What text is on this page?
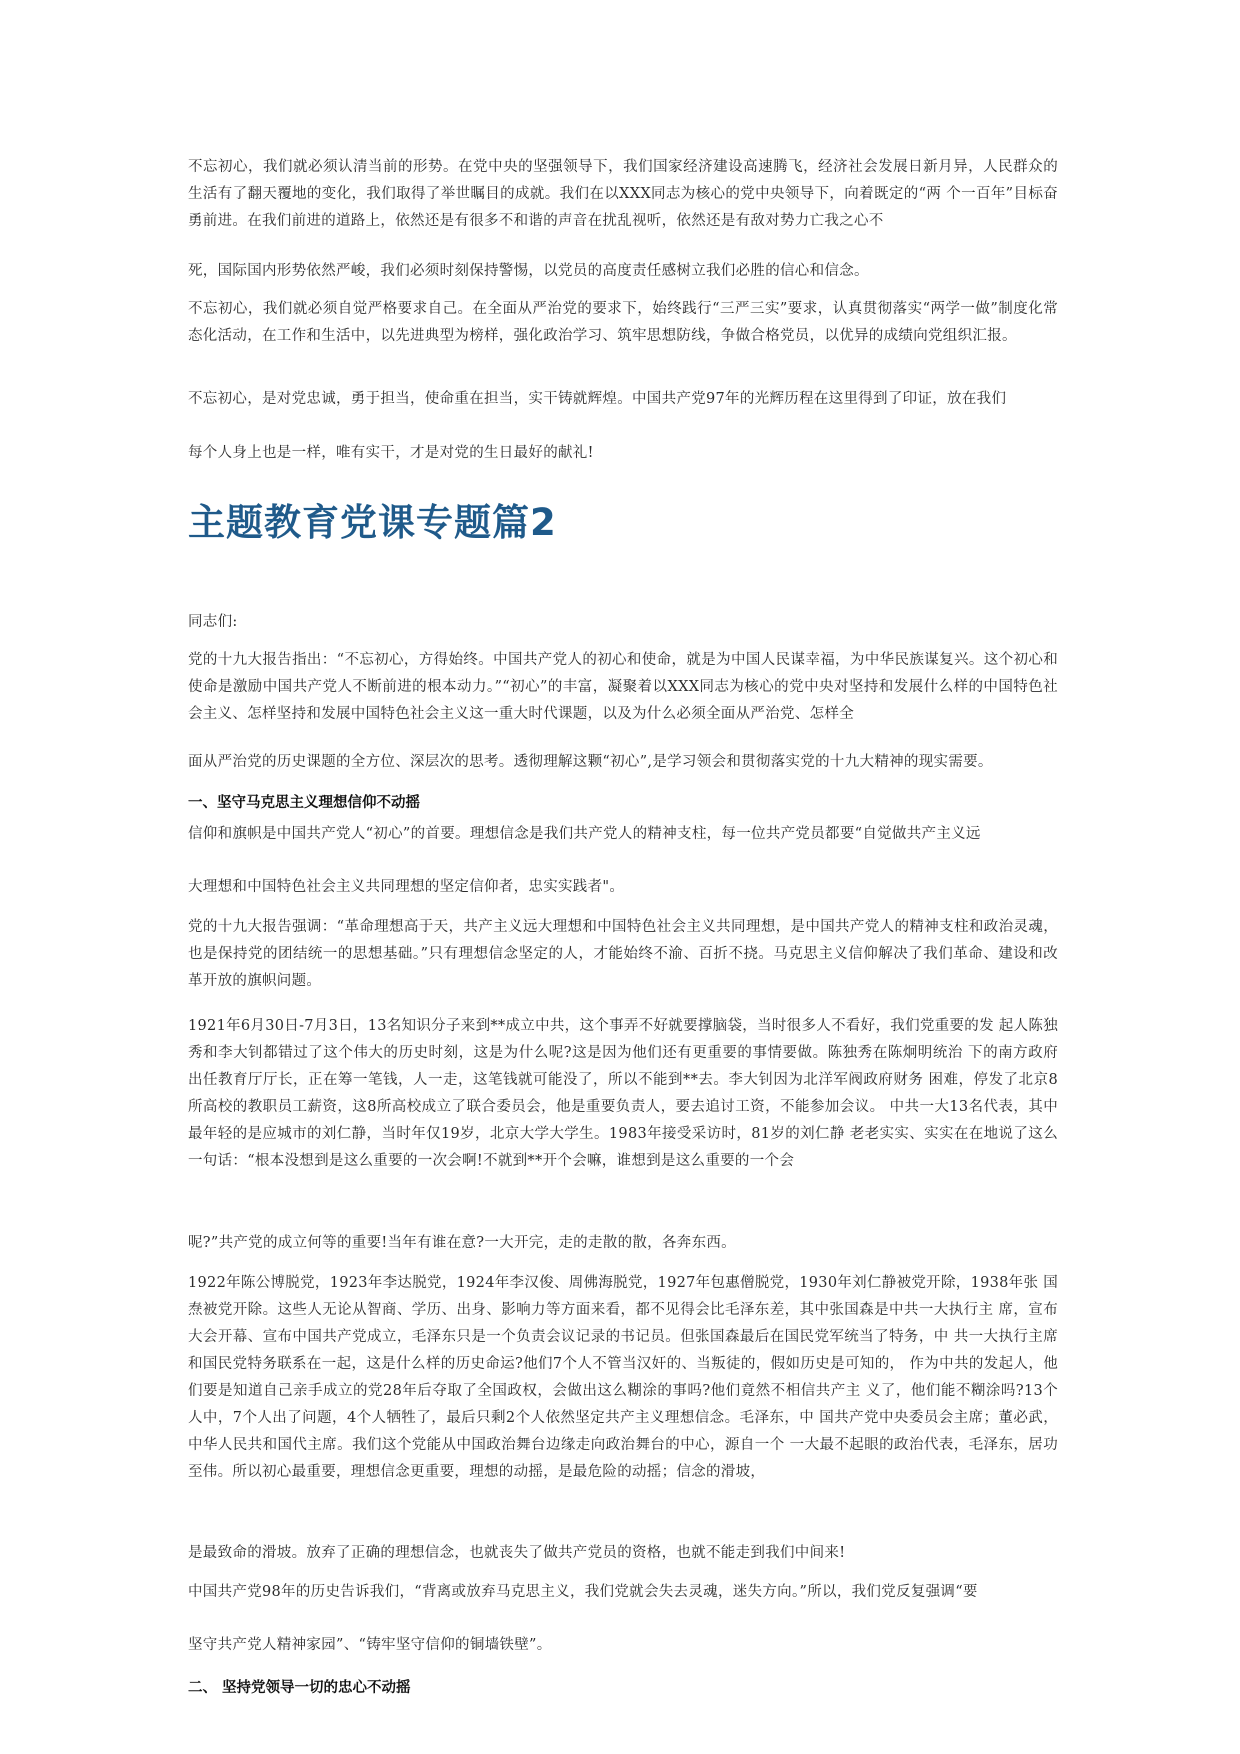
不忘初心，我们就必须认清当前的形势。在党中央的坚强领导下，我们国家经济建设高速腾飞，经济社会发展日新月异，人民群众的生活有了翻天覆地的变化，我们取得了举世瞩目的成就。我们在以XXX同志为核心的党中央领导下，向着既定的“两 个一百年”目标奋勇前进。在我们前进的道路上，依然还是有很多不和谐的声音在扰乱视听，依然还是有敌对势力亡我之心不

死，国际国内形势依然严峻，我们必须时刻保持警惕，以党员的高度责任感树立我们必胜的信心和信念。

不忘初心，我们就必须自觉严格要求自己。在全面从严治党的要求下，始终践行“三严三实”要求，认真贯彻落实“两学一做”制度化常态化活动，在工作和生活中，以先进典型为榜样，强化政治学习、筑牢思想防线，争做合格党员，以优异的成绩向党组织汇报。

不忘初心，是对党忠诚，勇于担当，使命重在担当，实干铸就辉煌。中国共产党97年的光辉历程在这里得到了印证，放在我们

每个人身上也是一样，唯有实干，才是对党的生日最好的献礼!

主题教育党课专题篇2

同志们:

党的十九大报告指出：“不忘初心，方得始终。中国共产党人的初心和使命，就是为中国人民谋幸福，为中华民族谋复兴。这个初心和使命是激励中国共产党人不断前进的根本动力。”“初心”的丰富，凝聚着以XXX同志为核心的党中央对坚持和发展什么样的中国特色社会主义、怎样坚持和发展中国特色社会主义这一重大时代课题，以及为什么必须全面从严治党、怎样全

面从严治党的历史课题的全方位、深层次的思考。透彻理解这颗“初心”,是学习领会和贯彻落实党的十九大精神的现实需要。

一、坚守马克思主义理想信仰不动摇

信仰和旗帜是中国共产党人“初心”的首要。理想信念是我们共产党人的精神支柱，每一位共产党员都要“自觉做共产主义远

大理想和中国特色社会主义共同理想的坚定信仰者，忠实实践者"。

党的十九大报告强调：“革命理想高于天，共产主义远大理想和中国特色社会主义共同理想，是中国共产党人的精神支柱和政治灵魂，也是保持党的团结统一的思想基础。”只有理想信念坚定的人，才能始终不渝、百折不挠。马克思主义信仰解决了我们革命、建设和改革开放的旗帜问题。

1921年6月30日-7月3日，13名知识分子来到**成立中共，这个事弄不好就要撑脑袋，当时很多人不看好，我们党重要的发 起人陈独秀和李大钊都错过了这个伟大的历史时刻，这是为什么呢?这是因为他们还有更重要的事情要做。陈独秀在陈炯明统治 下的南方政府出任教育厅厅长，正在筹一笔钱，人一走，这笔钱就可能没了，所以不能到**去。李大钊因为北洋军阀政府财务 困难，停发了北京8所高校的教职员工薪资，这8所高校成立了联合委员会，他是重要负责人，要去追讨工资，不能参加会议。 中共一大13名代表，其中最年轻的是应城市的刘仁静，当时年仅19岁，北京大学大学生。1983年接受采访时，81岁的刘仁静 老老实实、实实在在地说了这么一句话：“根本没想到是这么重要的一次会啊!不就到**开个会嘛，谁想到是这么重要的一个会

呢?”共产党的成立何等的重要!当年有谁在意?一大开完，走的走散的散，各奔东西。

1922年陈公博脱党，1923年李达脱党，1924年李汉俊、周佛海脱党，1927年包惠僧脱党，1930年刘仁静被党开除，1938年张 国焘被党开除。这些人无论从智商、学历、出身、影响力等方面来看，都不见得会比毛泽东差，其中张国森是中共一大执行主 席，宣布大会开幕、宣布中国共产党成立，毛泽东只是一个负责会议记录的书记员。但张国森最后在国民党军统当了特务，中 共一大执行主席和国民党特务联系在一起，这是什么样的历史命运?他们7个人不管当汉奸的、当叛徒的，假如历史是可知的， 作为中共的发起人，他们要是知道自己亲手成立的党28年后夺取了全国政权，会做出这么糊涂的事吗?他们竟然不相信共产主 义了，他们能不糊涂吗?13个人中，7个人出了问题，4个人牺牲了，最后只剩2个人依然坚定共产主义理想信念。毛泽东，中 国共产党中央委员会主席；董必武，中华人民共和国代主席。我们这个党能从中国政治舞台边缘走向政治舞台的中心，源自一个 一大最不起眼的政治代表，毛泽东，居功至伟。所以初心最重要，理想信念更重要，理想的动摇，是最危险的动摇；信念的滑坡，

是最致命的滑坡。放弃了正确的理想信念，也就丧失了做共产党员的资格，也就不能走到我们中间来!

中国共产党98年的历史告诉我们，“背离或放弃马克思主义，我们党就会失去灵魂，迷失方向。”所以，我们党反复强调“要

坚守共产党人精神家园”、“铸牢坚守信仰的铜墙铁壁”。

二、 坚持党领导一切的忠心不动摇
